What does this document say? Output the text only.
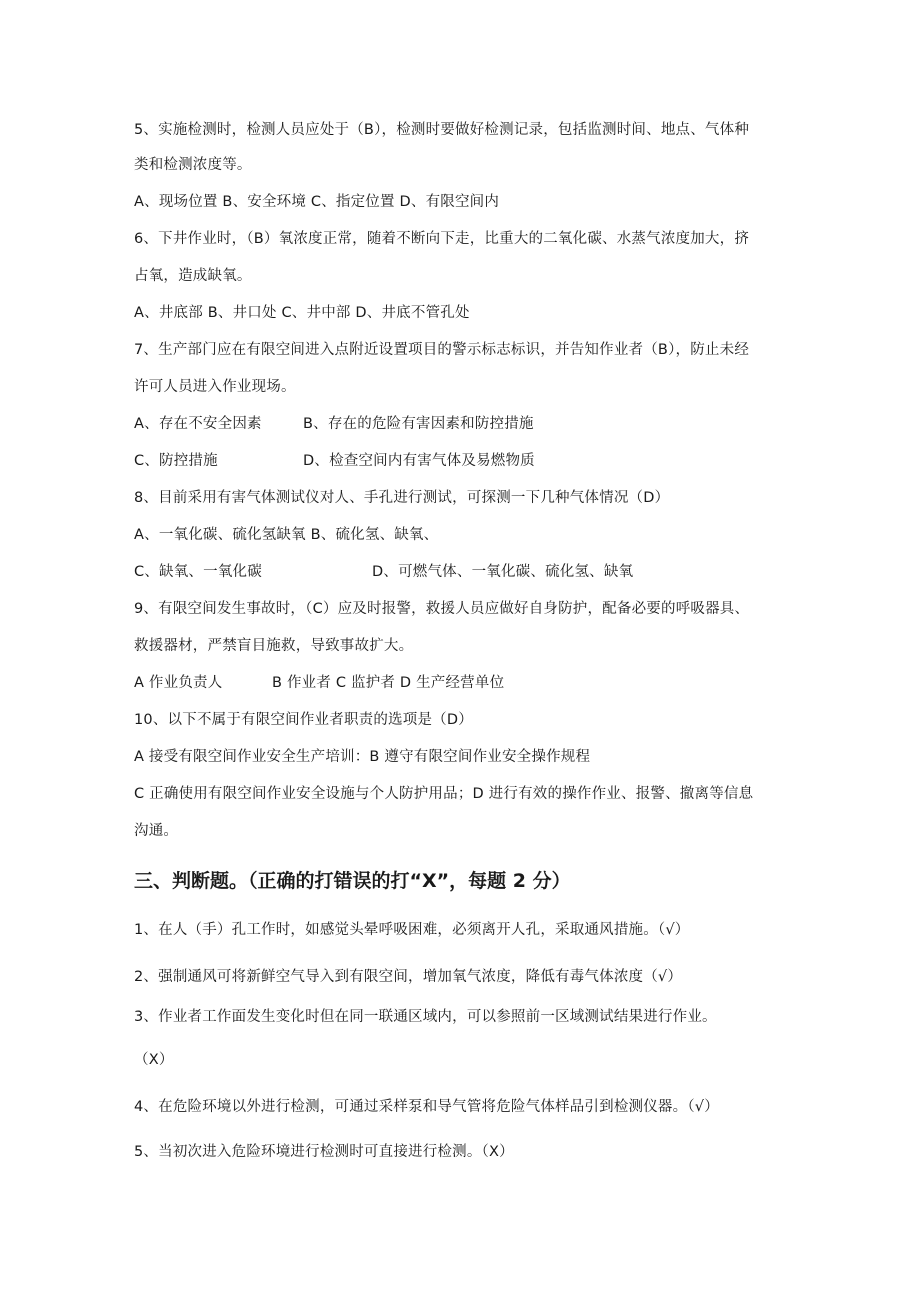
5、实施检测时，检测人员应处于（B），检测时要做好检测记录，包括监测时间、地点、气体种
类和检测浓度等。
A、现场位置 B、安全环境 C、指定位置 D、有限空间内
6、下井作业时，（B）氧浓度正常，随着不断向下走，比重大的二氧化碳、水蒸气浓度加大，挤
占氧，造成缺氧。
A、井底部 B、井口处 C、井中部 D、井底不管孔处
7、生产部门应在有限空间进入点附近设置项目的警示标志标识，并告知作业者（B），防止未经
许可人员进入作业现场。
A、存在不安全因素	B、存在的危险有害因素和防控措施
C、防控措施	D、检查空间内有害气体及易燃物质
8、目前采用有害气体测试仪对人、手孔进行测试，可探测一下几种气体情况（D）
A、一氧化碳、硫化氢缺氧 B、硫化氢、缺氧、
C、缺氧、一氧化碳	D、可燃气体、一氧化碳、硫化氢、缺氧
9、有限空间发生事故时，（C）应及时报警，救援人员应做好自身防护，配备必要的呼吸器具、
救援器材，严禁盲目施救，导致事故扩大。
A 作业负责人	B 作业者 C 监护者 D 生产经营单位
10、以下不属于有限空间作业者职责的选项是（D）
A 接受有限空间作业安全生产培训：B 遵守有限空间作业安全操作规程
C 正确使用有限空间作业安全设施与个人防护用品；D 进行有效的操作作业、报警、撤离等信息
沟通。
三、判断题。（正确的打错误的打“X”，每题 2 分）
1、在人（手）孔工作时，如感觉头晕呼吸困难，必须离开人孔，采取通风措施。（√）
2、强制通风可将新鲜空气导入到有限空间，增加氧气浓度，降低有毒气体浓度（√）
3、作业者工作面发生变化时但在同一联通区域内，可以参照前一区域测试结果进行作业。
（X）
4、在危险环境以外进行检测，可通过采样泵和导气管将危险气体样品引到检测仪器。（√）
5、当初次进入危险环境进行检测时可直接进行检测。（X）
